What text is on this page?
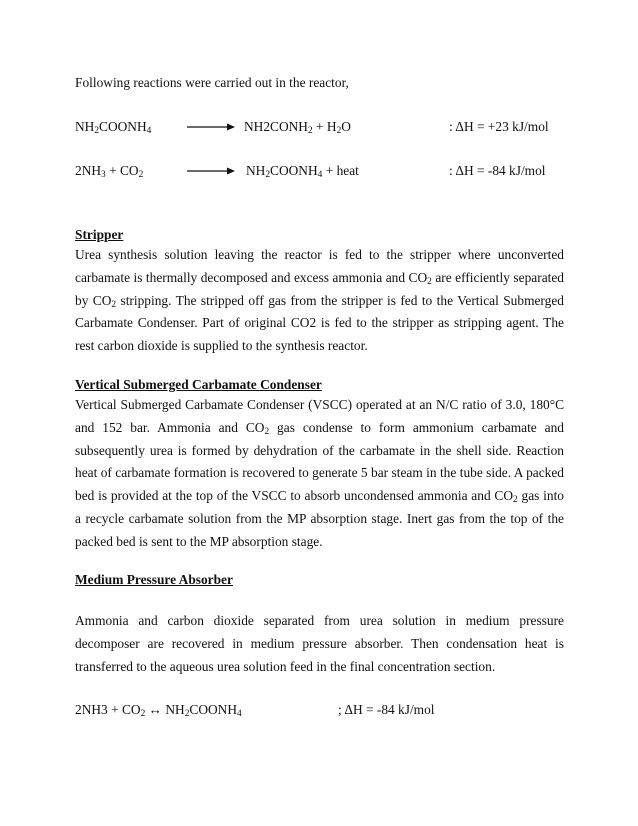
Following reactions were carried out in the reactor,
$NH_2COONH_4$	→ $NH2CONH_2 + H_2O$	: ΔH = +23 kJ/mol
$2NH_3 + CO_2$	→ $NH_2COONH_4$ + heat	: ΔH = -84 kJ/mol
Stripper

Urea synthesis solution leaving the reactor is fed to the stripper where unconverted carbamate is thermally decomposed and excess ammonia and $CO_2$ are efficiently separated by $CO_2$ stripping. The stripped off gas from the stripper is fed to the Vertical Submerged Carbamate Condenser. Part of original CO2 is fed to the stripper as stripping agent. The rest carbon dioxide is supplied to the synthesis reactor.

Vertical Submerged Carbamate Condenser

Vertical Submerged Carbamate Condenser (VSCC) operated at an N/C ratio of 3.0, 180°C and 152 bar. Ammonia and $CO_2$ gas condense to form ammonium carbamate and subsequently urea is formed by dehydration of the carbamate in the shell side. Reaction heat of carbamate formation is recovered to generate 5 bar steam in the tube side. A packed bed is provided at the top of the VSCC to absorb uncondensed ammonia and $CO_2$ gas into a recycle carbamate solution from the MP absorption stage. Inert gas from the top of the packed bed is sent to the MP absorption stage.

Medium Pressure Absorber

Ammonia and carbon dioxide separated from urea solution in medium pressure decomposer are recovered in medium pressure absorber. Then condensation heat is transferred to the aqueous urea solution feed in the final concentration section.

$2NH3 + CO_2$ ↔ $NH_2COONH_4$	; ΔH = -84 kJ/mol
